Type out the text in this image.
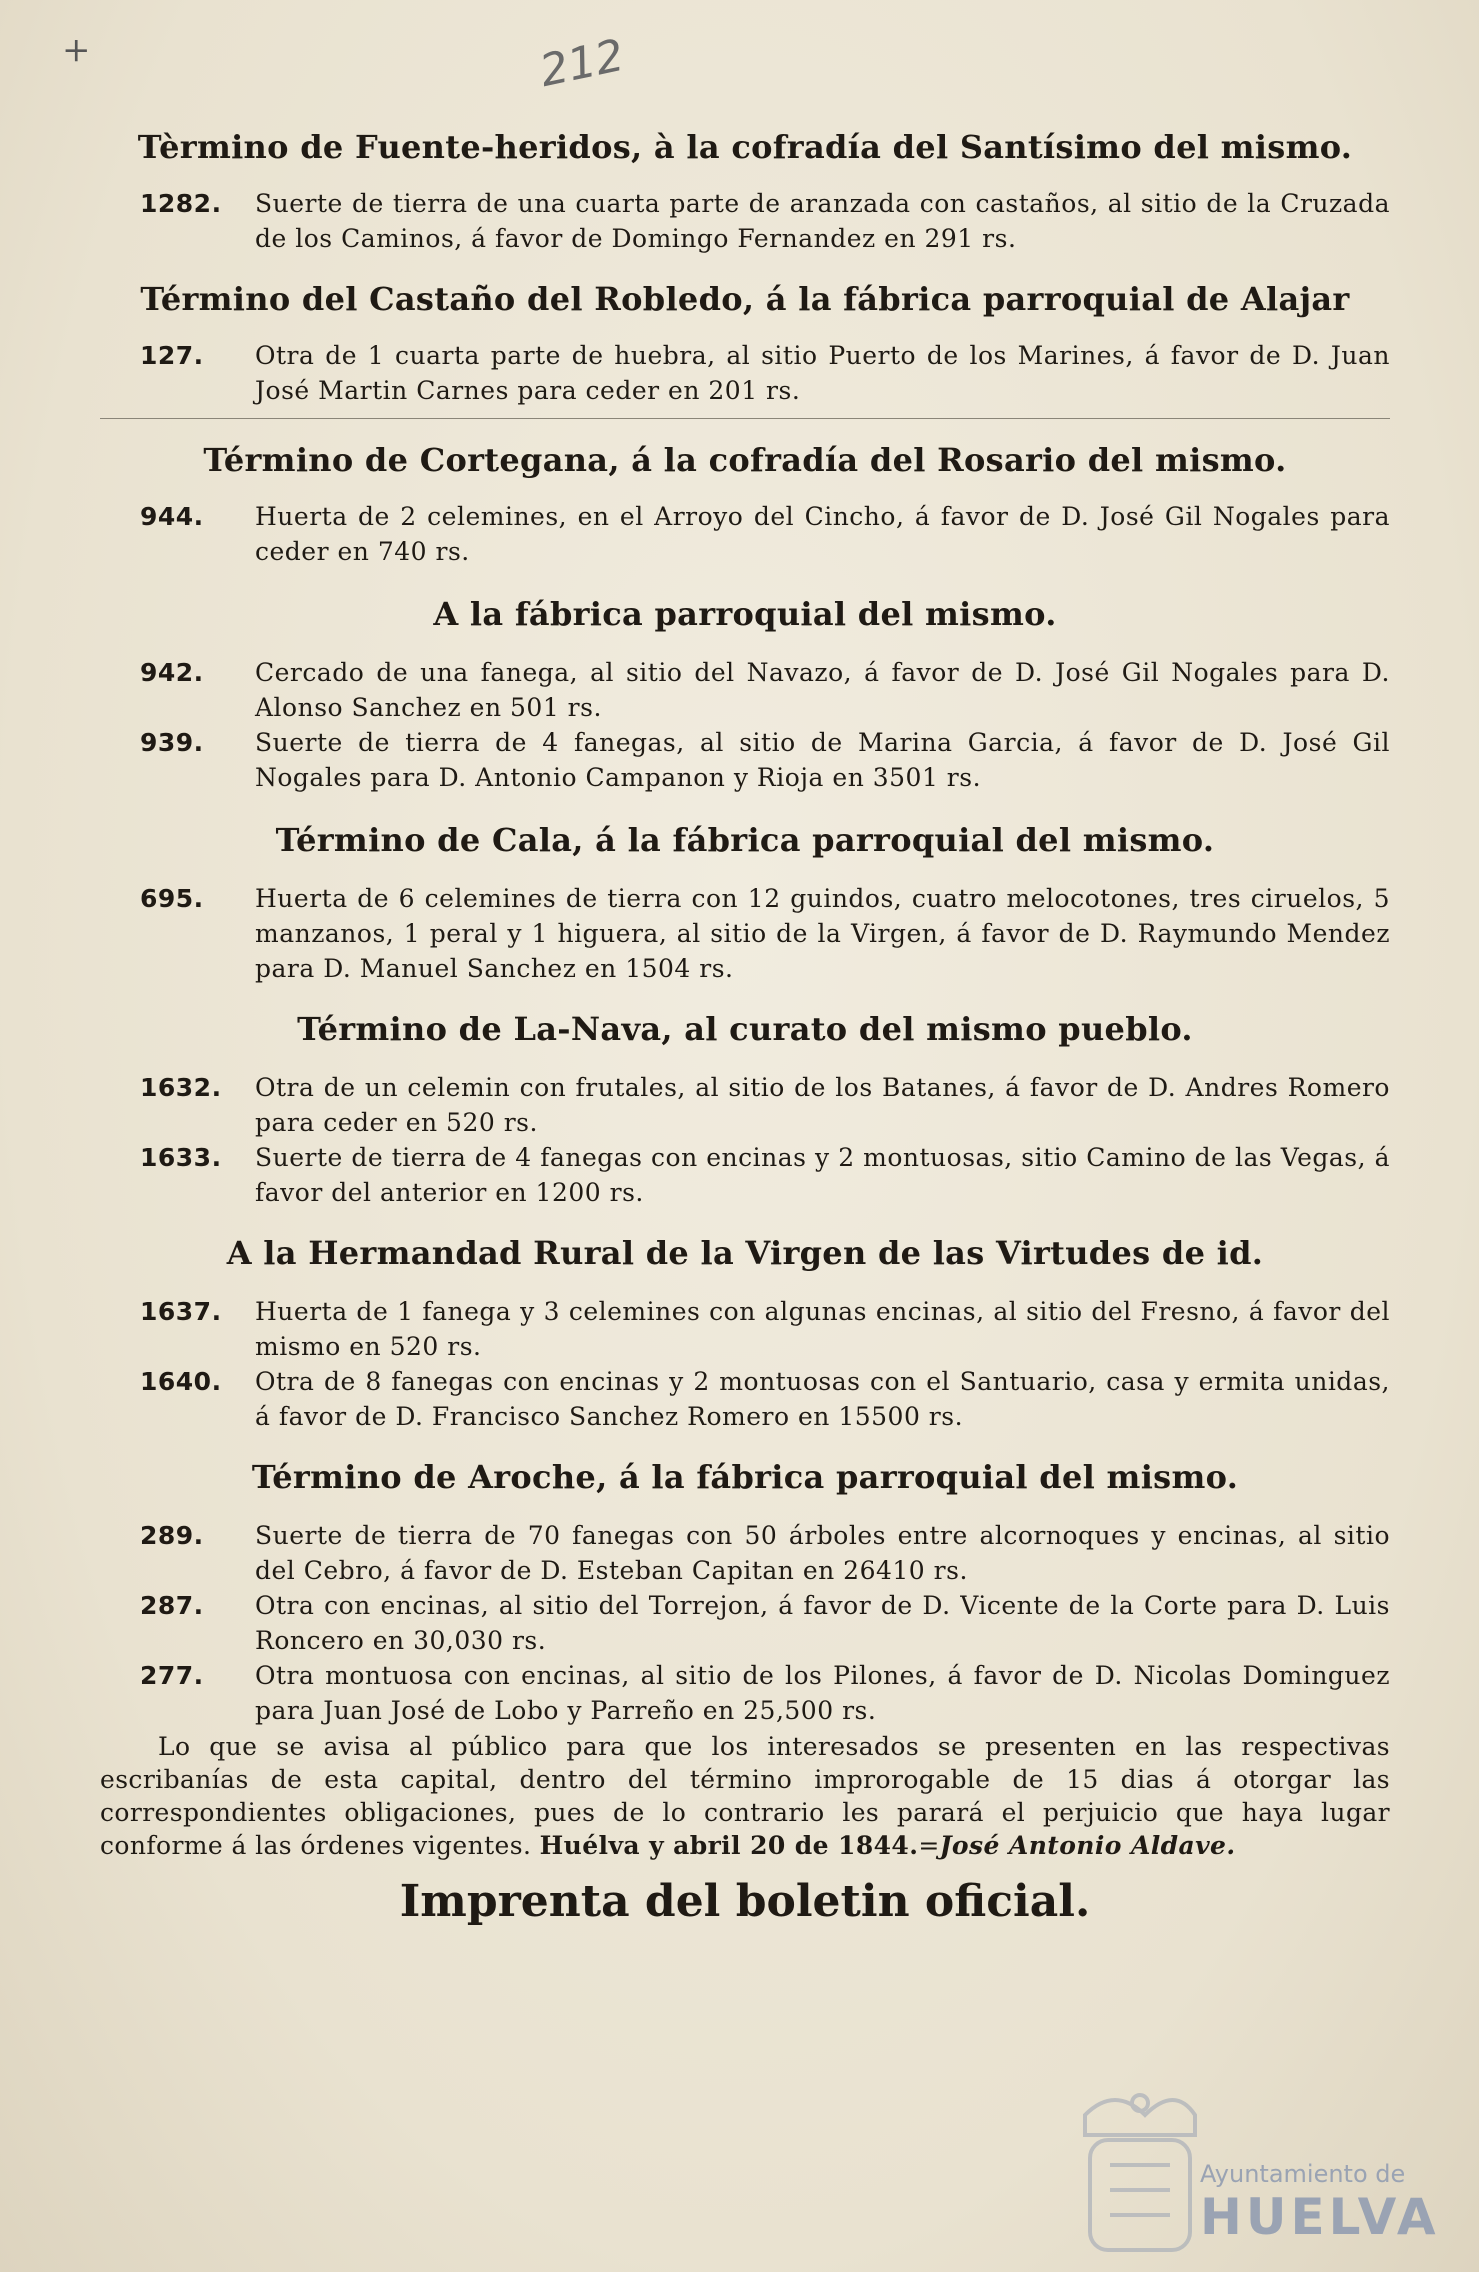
+	212
Tèrmino de Fuente-heridos, à la cofradía del Santísimo del mismo.
1282.	Suerte de tierra de una cuarta parte de aranzada con castaños, al sitio de la Cruzada de los Caminos, á favor de Domingo Fernandez en 291 rs.
Término del Castaño del Robledo, á la fábrica parroquial de Alajar
127.	Otra de 1 cuarta parte de huebra, al sitio Puerto de los Marines, á favor de D. Juan José Martin Carnes para ceder en 201 rs.
Término de Cortegana, á la cofradía del Rosario del mismo.
944.	Huerta de 2 celemines, en el Arroyo del Cincho, á favor de D. José Gil Nogales para ceder en 740 rs.
A la fábrica parroquial del mismo.
942.	Cercado de una fanega, al sitio del Navazo, á favor de D. José Gil Nogales para D. Alonso Sanchez en 501 rs.
939.	Suerte de tierra de 4 fanegas, al sitio de Marina Garcia, á favor de D. José Gil Nogales para D. Antonio Campanon y Rioja en 3501 rs.
Término de Cala, á la fábrica parroquial del mismo.
695.	Huerta de 6 celemines de tierra con 12 guindos, cuatro melocotones, tres ciruelos, 5 manzanos, 1 peral y 1 higuera, al sitio de la Virgen, á favor de D. Raymundo Mendez para D. Manuel Sanchez en 1504 rs.
Término de La-Nava, al curato del mismo pueblo.
1632.	Otra de un celemin con frutales, al sitio de los Batanes, á favor de D. Andres Romero para ceder en 520 rs.
1633.	Suerte de tierra de 4 fanegas con encinas y 2 montuosas, sitio Camino de las Vegas, á favor del anterior en 1200 rs.
A la Hermandad Rural de la Virgen de las Virtudes de id.
1637.	Huerta de 1 fanega y 3 celemines con algunas encinas, al sitio del Fresno, á favor del mismo en 520 rs.
1640.	Otra de 8 fanegas con encinas y 2 montuosas con el Santuario, casa y ermita unidas, á favor de D. Francisco Sanchez Romero en 15500 rs.
Término de Aroche, á la fábrica parroquial del mismo.
289.	Suerte de tierra de 70 fanegas con 50 árboles entre alcornoques y encinas, al sitio del Cebro, á favor de D. Esteban Capitan en 26410 rs.
287.	Otra con encinas, al sitio del Torrejon, á favor de D. Vicente de la Corte para D. Luis Roncero en 30,030 rs.
277.	Otra montuosa con encinas, al sitio de los Pilones, á favor de D. Nicolas Dominguez para Juan José de Lobo y Parreño en 25,500 rs.

Lo que se avisa al público para que los interesados se presenten en las respectivas escribanías de esta capital, dentro del término improrogable de 15 dias á otorgar las correspondientes obligaciones, pues de lo contrario les parará el perjuicio que haya lugar conforme á las órdenes vigentes. Huélva y abril 20 de 1844.=José Antonio Aldave.

Imprenta del boletin oficial.
Ayuntamiento de
HUELVA
